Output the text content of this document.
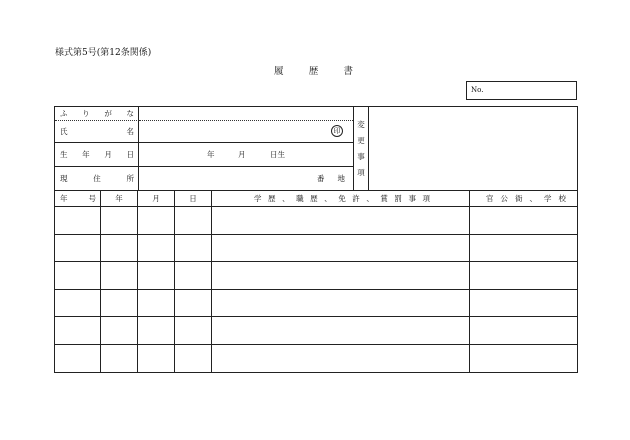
様式第5号(第12条関係)
履歴書
No.
ふりがな
氏名	印
生年月日	年	月	日生
現住所	番地
変更事項
年号	年	月	日	学歴、職歴、免許、賞罰事項	官公衙、学校
